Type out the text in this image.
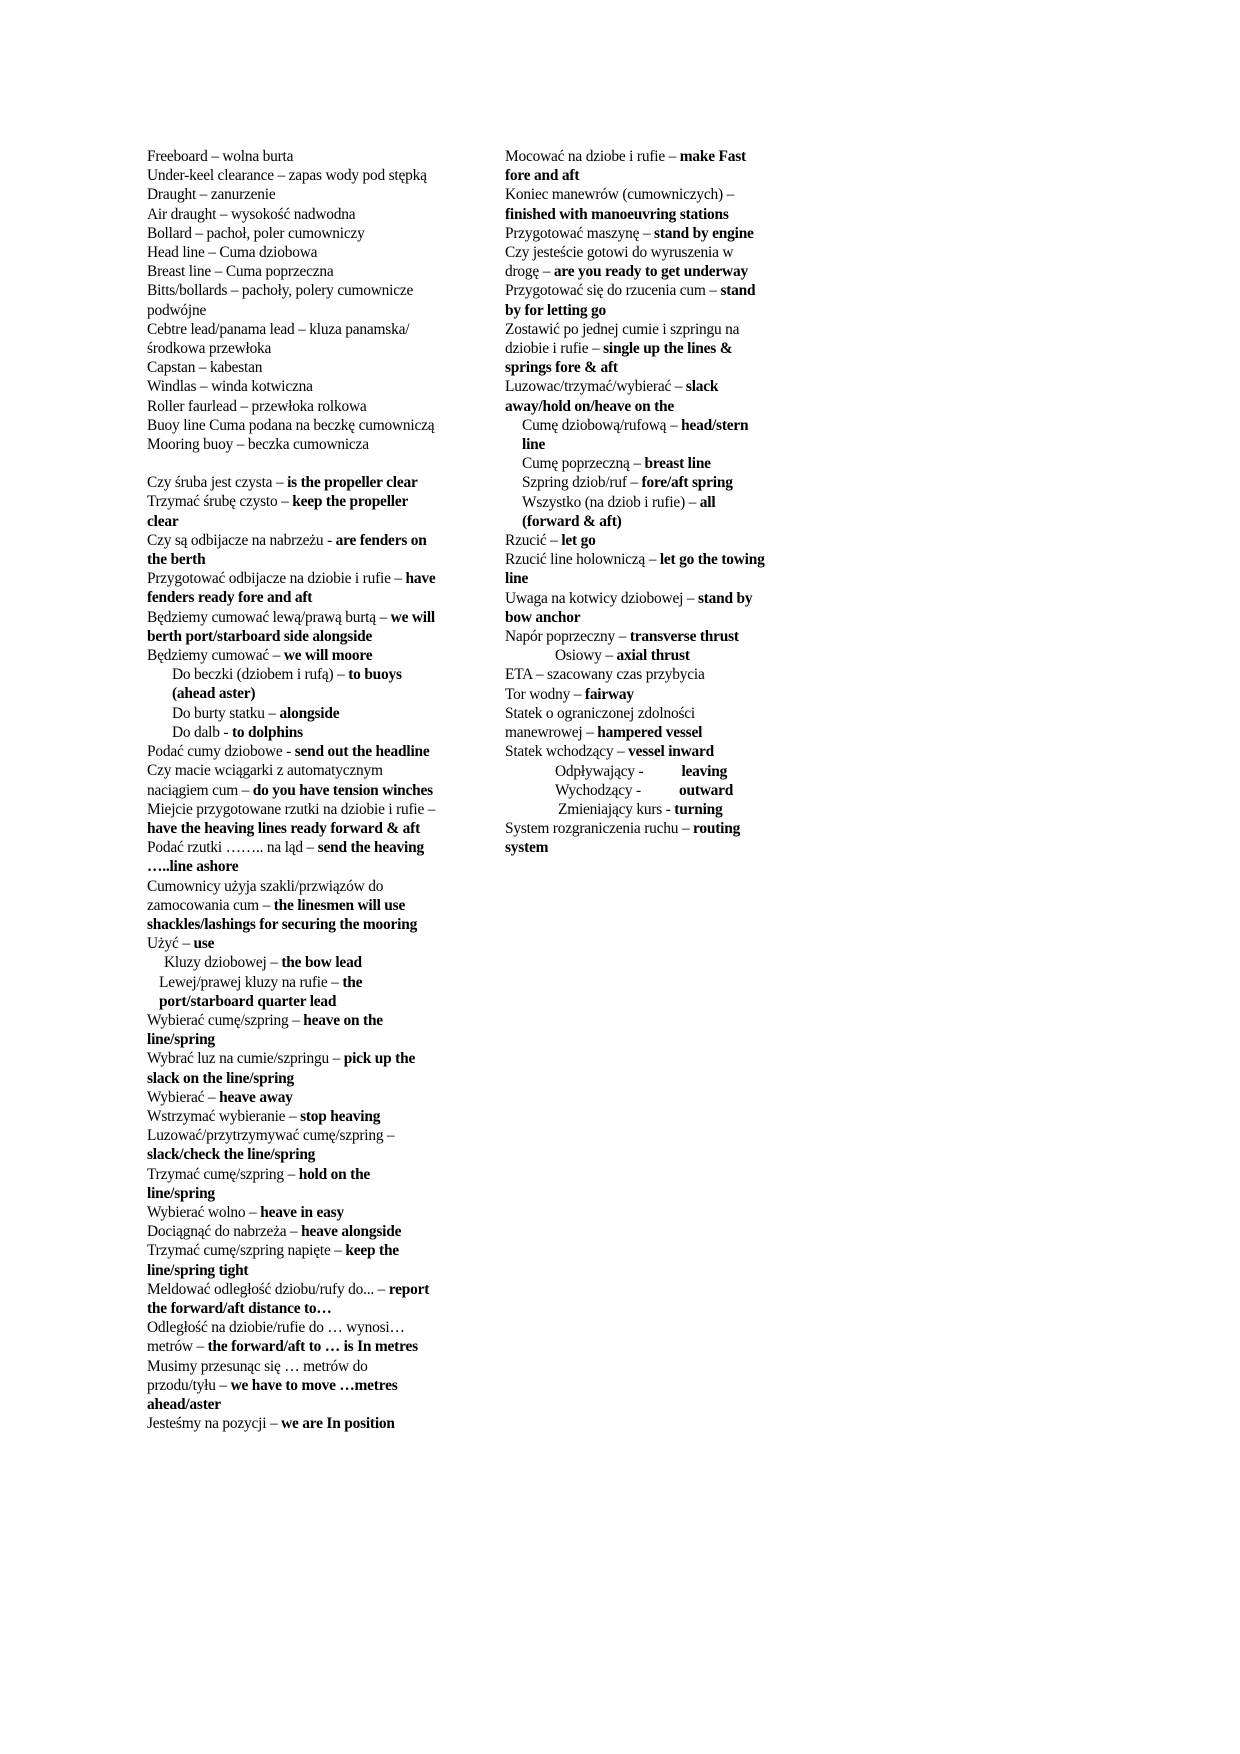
Freeboard – wolna burta
Under-keel clearance – zapas wody pod stępką
Draught – zanurzenie
Air draught – wysokość nadwodna
Bollard – pachoł, poler cumowniczy
Head line – Cuma dziobowa
Breast line – Cuma poprzeczna
Bitts/bollards – pachoły, polery cumownicze podwójne
Cebtre lead/panama lead – kluza panamska/środkowa przewłoka
Capstan – kabestan
Windlas – winda kotwiczna
Roller faurlead – przewłoka rolkowa
Buoy line Cuma podana na beczkę cumowniczą
Mooring buoy – beczka cumownicza
Czy śruba jest czysta – is the propeller clear
Trzymać śrubę czysto – keep the propeller clear
Czy są odbijacze na nabrzeżu - are fenders on the berth
Przygotować odbijacze na dziobie i rufie – have fenders ready fore and aft
Będziemy cumować lewą/prawą burtą – we will berth port/starboard side alongside
Będziemy cumować – we will moore
Do beczki (dziobem i rufą) – to buoys (ahead aster)
Do burty statku – alongside
Do dalb - to dolphins
Podać cumy dziobowe - send out the headline
Czy macie wciągarki z automatycznym naciągiem cum – do you have tension winches
Miejcie przygotowane rzutki na dziobie i rufie – have the heaving lines ready forward & aft
Podać rzutki …….. na ląd – send the heaving …..line ashore
Cumownicy użyja szakli/przwiązów do zamocowania cum – the linesmen will use shackles/lashings for securing the mooring
Użyć – use
Kluzy dziobowej – the bow lead
Lewej/prawej kluzy na rufie – the port/starboard quarter lead
Wybierać cumę/szpring – heave on the line/spring
Wybrać luz na cumie/szpringu – pick up the slack on the line/spring
Wybierać – heave away
Wstrzymać wybieranie – stop heaving
Luzować/przytrzymywać cumę/szpring – slack/check the line/spring
Trzymać cumę/szpring – hold on the line/spring
Wybierać wolno – heave in easy
Dociągnąć do nabrzeża – heave alongside
Trzymać cumę/szpring napięte – keep the line/spring tight
Meldować odległość dziobu/rufy do... – report the forward/aft distance to…
Odległość na dziobie/rufie do … wynosi…metrów – the forward/aft to … is In metres
Musimy przesunąc się … metrów do przodu/tyłu – we have to move …metres ahead/aster
Jesteśmy na pozycji – we are In position
Mocować na dziobe i rufie – make Fast fore and aft
Koniec manewrów (cumowniczych) – finished with manoeuvring stations
Przygotować maszynę – stand by engine
Czy jesteście gotowi do wyruszenia w drogę – are you ready to get underway
Przygotować się do rzucenia cum – stand by for letting go
Zostawić po jednej cumie i szpringu na dziobie i rufie – single up the lines & springs fore & aft
Luzowac/trzymać/wybierać – slack away/hold on/heave on the
Cumę dziobową/rufową – head/stern line
Cumę poprzeczną – breast line
Szpring dziob/ruf – fore/aft spring
Wszystko (na dziob i rufie) – all (forward & aft)
Rzucić – let go
Rzucić line holowniczą – let go the towing line
Uwaga na kotwicy dziobowej – stand by bow anchor
Napór poprzeczny – transverse thrust
Osiowy – axial thrust
ETA – szacowany czas przybycia
Tor wodny – fairway
Statek o ograniczonej zdolności manewrowej – hampered vessel
Statek wchodzący – vessel inward
Odpływający - leaving
Wychodzący - outward
Zmieniający kurs - turning
System rozgraniczenia ruchu – routing system
